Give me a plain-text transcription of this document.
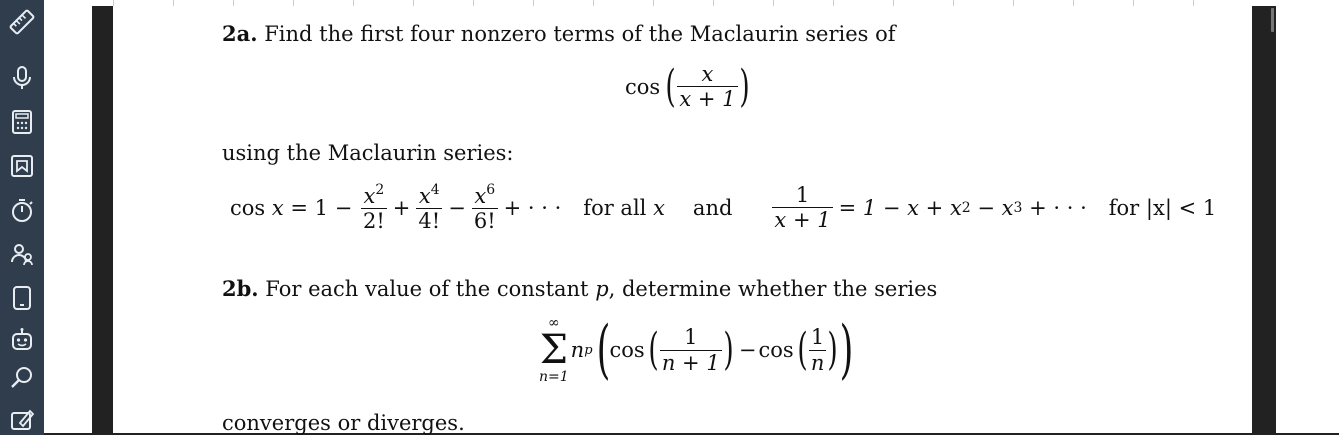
2a. Find the first four nonzero terms of the Maclaurin series of
cos ( $\frac{x}{x + 1}$ )
using the Maclaurin series:
cos
$x = 1 - \frac{x^2}{2!} + \frac{x^4}{4!} - \frac{x^6}{6!}$ + · · · for all
x and $\frac{1}{x + 1} = 1 - x + x$ 2 − x 3 + · · · for |x| < 1
2b. For each value of the constant p, determine whether the series
∞
Σ
n=1
n p ( cos ( $\frac{1}{n + 1}$ ) − cos ( $\frac{1}{n}$ ) )
converges or diverges.
